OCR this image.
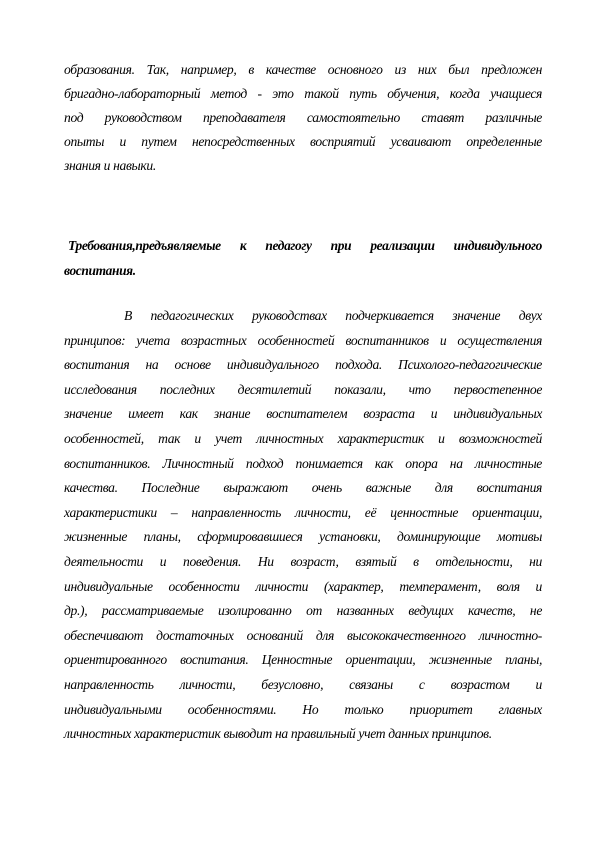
образования. Так, например, в качестве основного из них был предложен
бригадно-лабораторный метод - это такой путь обучения, когда учащиеся
под руководством преподавателя самостоятельно ставят различные
опыты и путем непосредственных восприятий усваивают определенные
знания и навыки.
Требования,предъявляемые к педагогу при реализации индивидульного
воспитания.
В педагогических руководствах подчеркивается значение двух
принципов: учета возрастных особенностей воспитанников и осуществления
воспитания на основе индивидуального подхода. Психолого-педагогические
исследования последних десятилетий показали, что первостепенное
значение имеет как знание воспитателем возраста и индивидуальных
особенностей, так и учет личностных характеристик и возможностей
воспитанников. Личностный подход понимается как опора на личностные
качества. Последние выражают очень важные для воспитания
характеристики – направленность личности, её ценностные ориентации,
жизненные планы, сформировавшиеся установки, доминирующие мотивы
деятельности и поведения. Ни возраст, взятый в отдельности, ни
индивидуальные особенности личности (характер, темперамент, воля и
др.), рассматриваемые изолированно от названных ведущих качеств, не
обеспечивают достаточных оснований для высококачественного личностно-
ориентированного воспитания. Ценностные ориентации, жизненные планы,
направленность личности, безусловно, связаны с возрастом и
индивидуальными особенностями. Но только приоритет главных
личностных характеристик выводит на правильный учет данных принципов.
